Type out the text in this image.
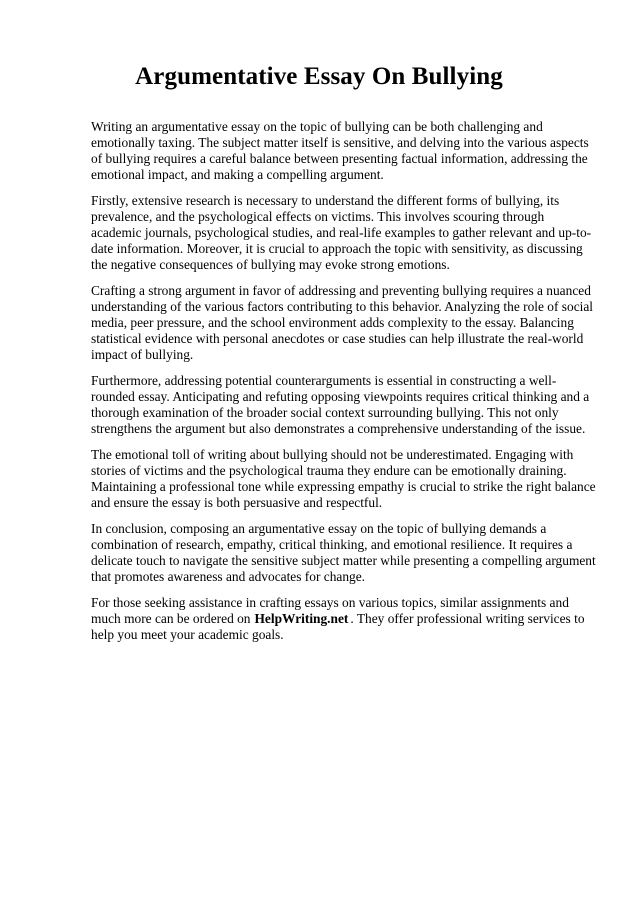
Argumentative Essay On Bullying

Writing an argumentative essay on the topic of bullying can be both challenging and emotionally taxing. The subject matter itself is sensitive, and delving into the various aspects of bullying requires a careful balance between presenting factual information, addressing the emotional impact, and making a compelling argument.

Firstly, extensive research is necessary to understand the different forms of bullying, its prevalence, and the psychological effects on victims. This involves scouring through academic journals, psychological studies, and real-life examples to gather relevant and up-to-date information. Moreover, it is crucial to approach the topic with sensitivity, as discussing the negative consequences of bullying may evoke strong emotions.

Crafting a strong argument in favor of addressing and preventing bullying requires a nuanced understanding of the various factors contributing to this behavior. Analyzing the role of social media, peer pressure, and the school environment adds complexity to the essay. Balancing statistical evidence with personal anecdotes or case studies can help illustrate the real-world impact of bullying.

Furthermore, addressing potential counterarguments is essential in constructing a well-rounded essay. Anticipating and refuting opposing viewpoints requires critical thinking and a thorough examination of the broader social context surrounding bullying. This not only strengthens the argument but also demonstrates a comprehensive understanding of the issue.

The emotional toll of writing about bullying should not be underestimated. Engaging with stories of victims and the psychological trauma they endure can be emotionally draining. Maintaining a professional tone while expressing empathy is crucial to strike the right balance and ensure the essay is both persuasive and respectful.

In conclusion, composing an argumentative essay on the topic of bullying demands a combination of research, empathy, critical thinking, and emotional resilience. It requires a delicate touch to navigate the sensitive subject matter while presenting a compelling argument that promotes awareness and advocates for change.

For those seeking assistance in crafting essays on various topics, similar assignments and much more can be ordered on HelpWriting.net . They offer professional writing services to help you meet your academic goals.
